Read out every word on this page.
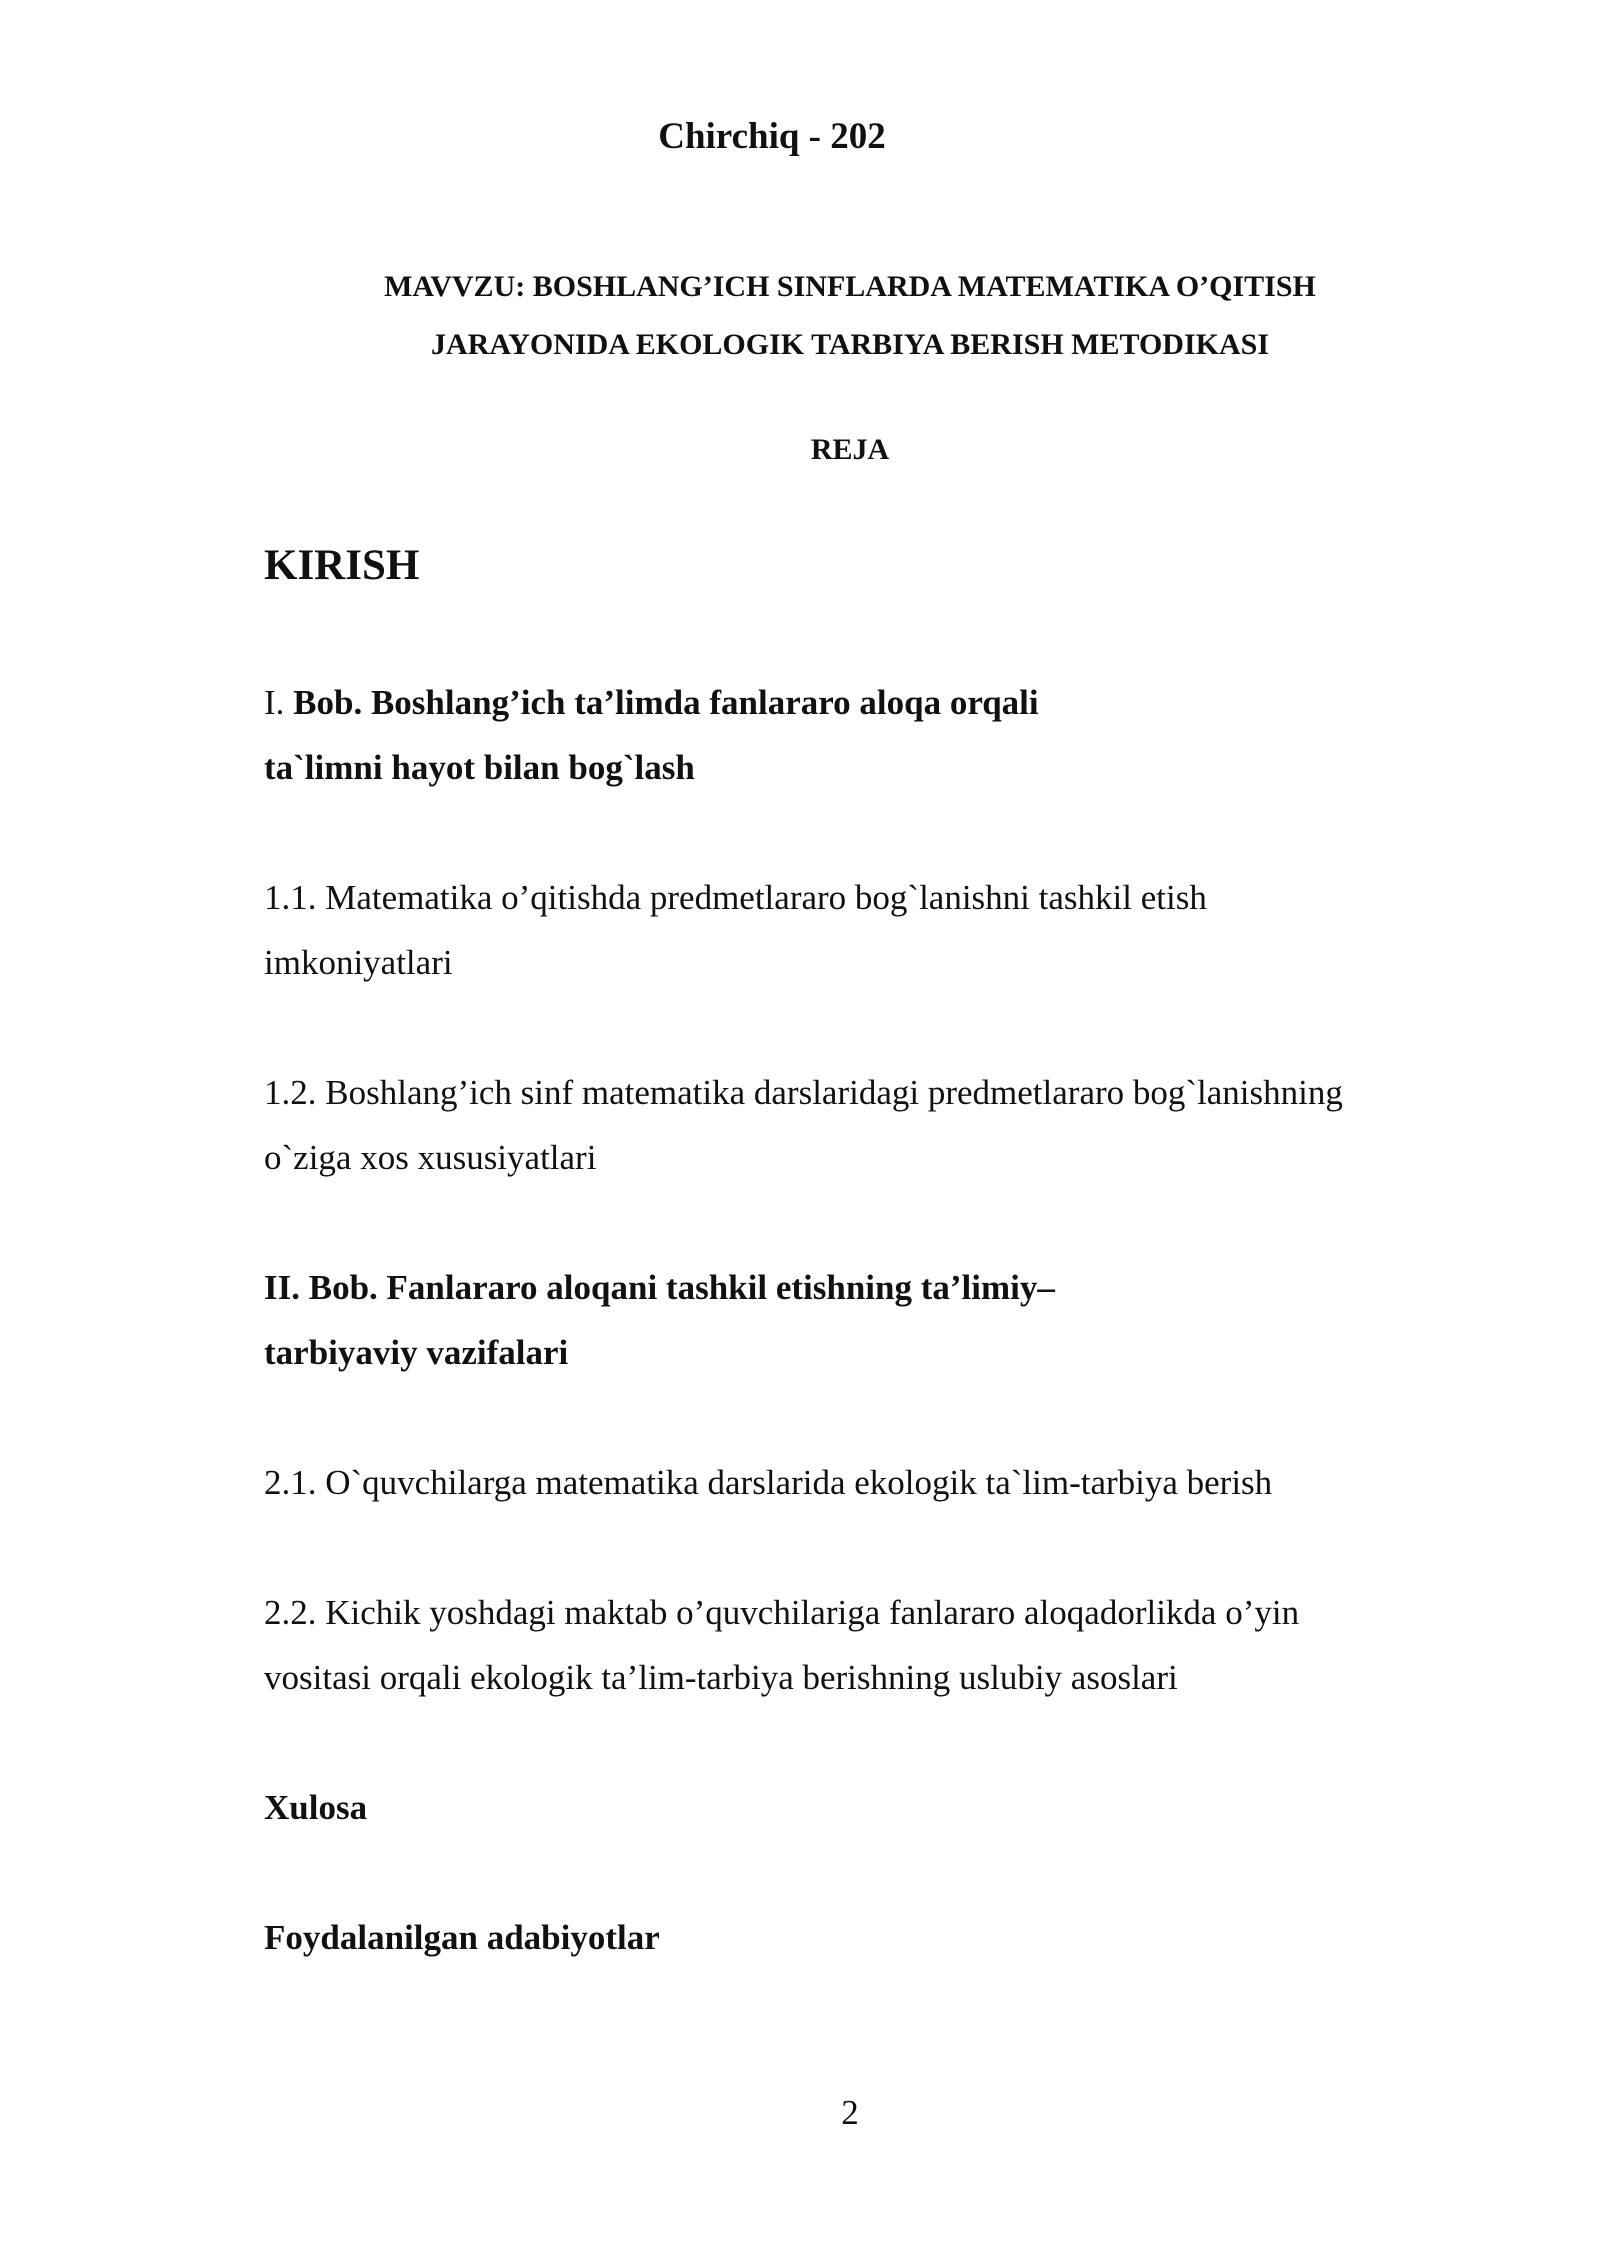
Chirchiq - 202
MAVVZU: BOSHLANG’ICH SINFLARDA MATEMATIKA O’QITISH
JARAYONIDA EKOLOGIK TARBIYA BERISH METODIKASI
REJA
KIRISH
I. Bob. Boshlang’ich ta’limda fanlararo aloqa orqali
ta`limni hayot bilan bog`lash
1.1. Matematika o’qitishda predmetlararo bog`lanishni tashkil etish
imkoniyatlari
1.2. Boshlang’ich sinf matematika darslaridagi predmetlararo bog`lanishning
o`ziga xos xususiyatlari
II. Bob. Fanlararo aloqani tashkil etishning ta’limiy–
tarbiyaviy vazifalari
2.1. O`quvchilarga matematika darslarida ekologik ta`lim-tarbiya berish
2.2. Kichik yoshdagi maktab o’quvchilariga fanlararo aloqadorlikda o’yin
vositasi orqali ekologik ta’lim-tarbiya berishning uslubiy asoslari
Xulosa
Foydalanilgan adabiyotlar
2
